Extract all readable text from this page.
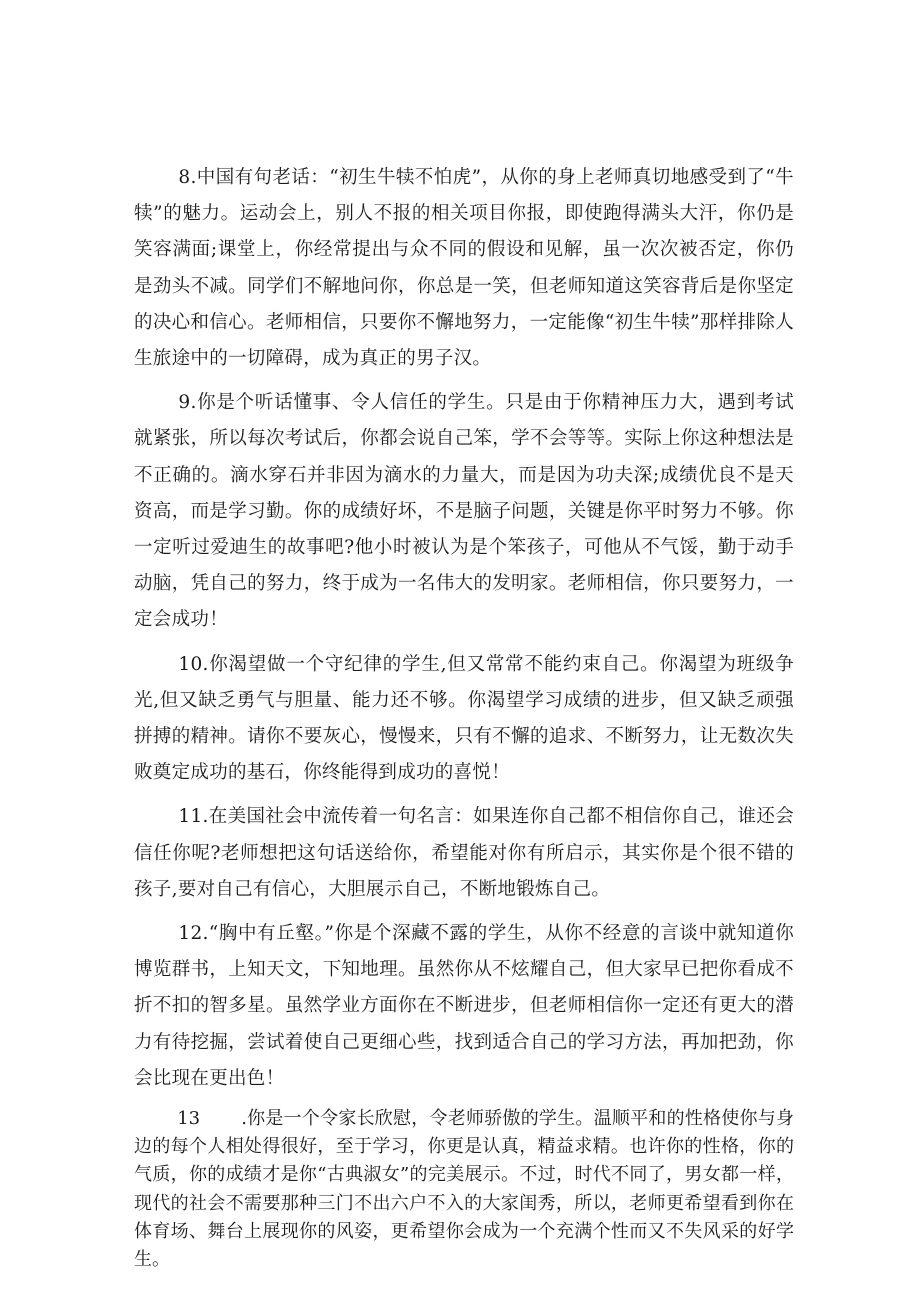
8.中国有句老话：“初生牛犊不怕虎”，从你的身上老师真切地感受到了“牛犊”的魅力。运动会上，别人不报的相关项目你报，即使跑得满头大汗，你仍是笑容满面;课堂上，你经常提出与众不同的假设和见解，虽一次次被否定，你仍是劲头不减。同学们不解地问你，你总是一笑，但老师知道这笑容背后是你坚定的决心和信心。老师相信，只要你不懈地努力，一定能像“初生牛犊”那样排除人生旅途中的一切障碍，成为真正的男子汉。

9.你是个听话懂事、令人信任的学生。只是由于你精神压力大，遇到考试就紧张，所以每次考试后，你都会说自己笨，学不会等等。实际上你这种想法是不正确的。滴水穿石并非因为滴水的力量大，而是因为功夫深;成绩优良不是天资高，而是学习勤。你的成绩好坏，不是脑子问题，关键是你平时努力不够。你一定听过爱迪生的故事吧?他小时被认为是个笨孩子，可他从不气馁，勤于动手动脑，凭自己的努力，终于成为一名伟大的发明家。老师相信，你只要努力，一定会成功！

10.你渴望做一个守纪律的学生,但又常常不能约束自己。你渴望为班级争光,但又缺乏勇气与胆量、能力还不够。你渴望学习成绩的进步，但又缺乏顽强拼搏的精神。请你不要灰心，慢慢来，只有不懈的追求、不断努力，让无数次失败奠定成功的基石，你终能得到成功的喜悦！

11.在美国社会中流传着一句名言：如果连你自己都不相信你自己，谁还会信任你呢?老师想把这句话送给你，希望能对你有所启示，其实你是个很不错的孩子,要对自己有信心，大胆展示自己，不断地锻炼自己。

12.“胸中有丘壑。”你是个深藏不露的学生，从你不经意的言谈中就知道你博览群书，上知天文，下知地理。虽然你从不炫耀自己，但大家早已把你看成不折不扣的智多星。虽然学业方面你在不断进步，但老师相信你一定还有更大的潜力有待挖掘，尝试着使自己更细心些，找到适合自己的学习方法，再加把劲，你会比现在更出色！

13 .你是一个令家长欣慰，令老师骄傲的学生。温顺平和的性格使你与身边的每个人相处得很好，至于学习，你更是认真，精益求精。也许你的性格，你的气质，你的成绩才是你“古典淑女”的完美展示。不过，时代不同了，男女都一样，现代的社会不需要那种三门不出六户不入的大家闺秀，所以，老师更希望看到你在体育场、舞台上展现你的风姿，更希望你会成为一个充满个性而又不失风采的好学生。
